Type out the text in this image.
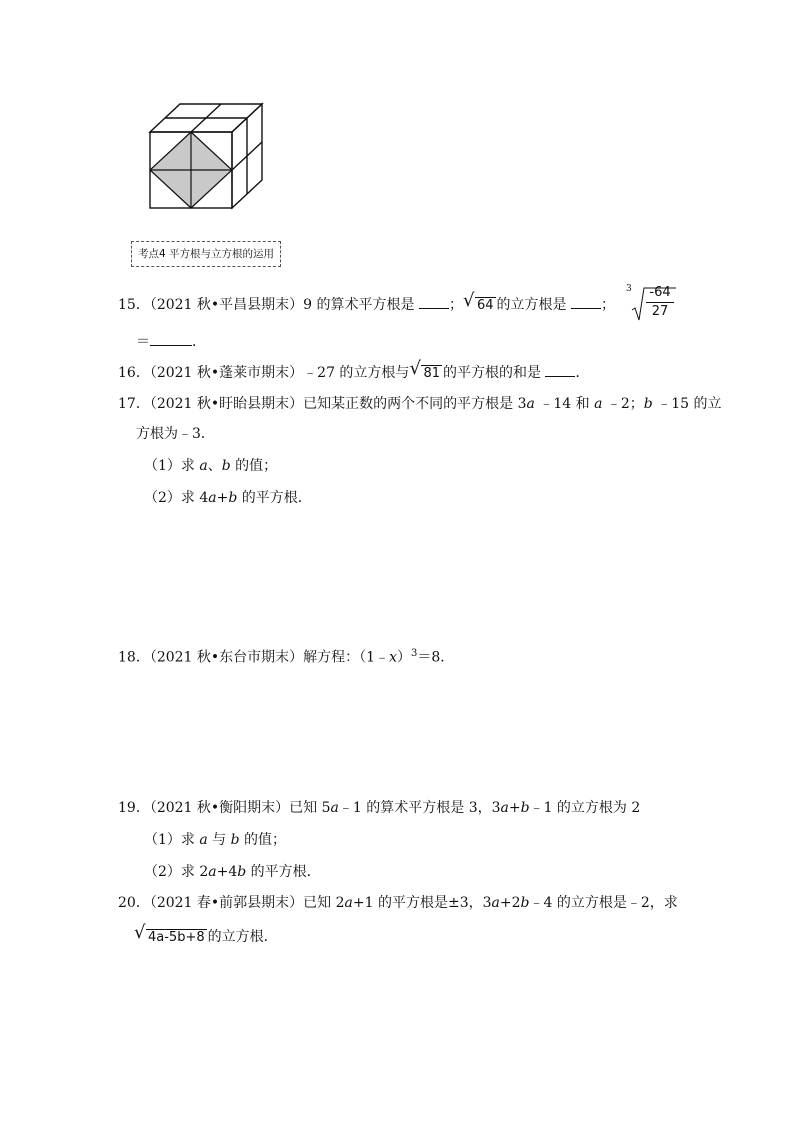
考点4 平方根与立方根的运用
15．（2021 秋•平昌县期末）9 的算术平方根是 ； √ 64 的立方根是 ；
3 -64
27
＝	．
16．（2021 秋•蓬莱市期末）﹣27 的立方根与 √ 81 的平方根的和是 ．
17．（2021 秋•盱眙县期末）已知某正数的两个不同的平方根是 3a ﹣14 和 a ﹣2；b ﹣15 的立
方根为﹣3．
（1）求 a、b 的值；
（2）求 4a+b 的平方根．
18．（2021 秋•东台市期末）解方程：（1﹣x）$^3$＝8．
19．（2021 秋•衡阳期末）已知 5a﹣1 的算术平方根是 3，3a+b﹣1 的立方根为 2
（1）求 a 与 b 的值；
（2）求 2a+4b 的平方根．
20．（2021 春•前郭县期末）已知 2a+1 的平方根是±3，3a+2b﹣4 的立方根是﹣2，求
√ 4a-5b+8 的立方根．
